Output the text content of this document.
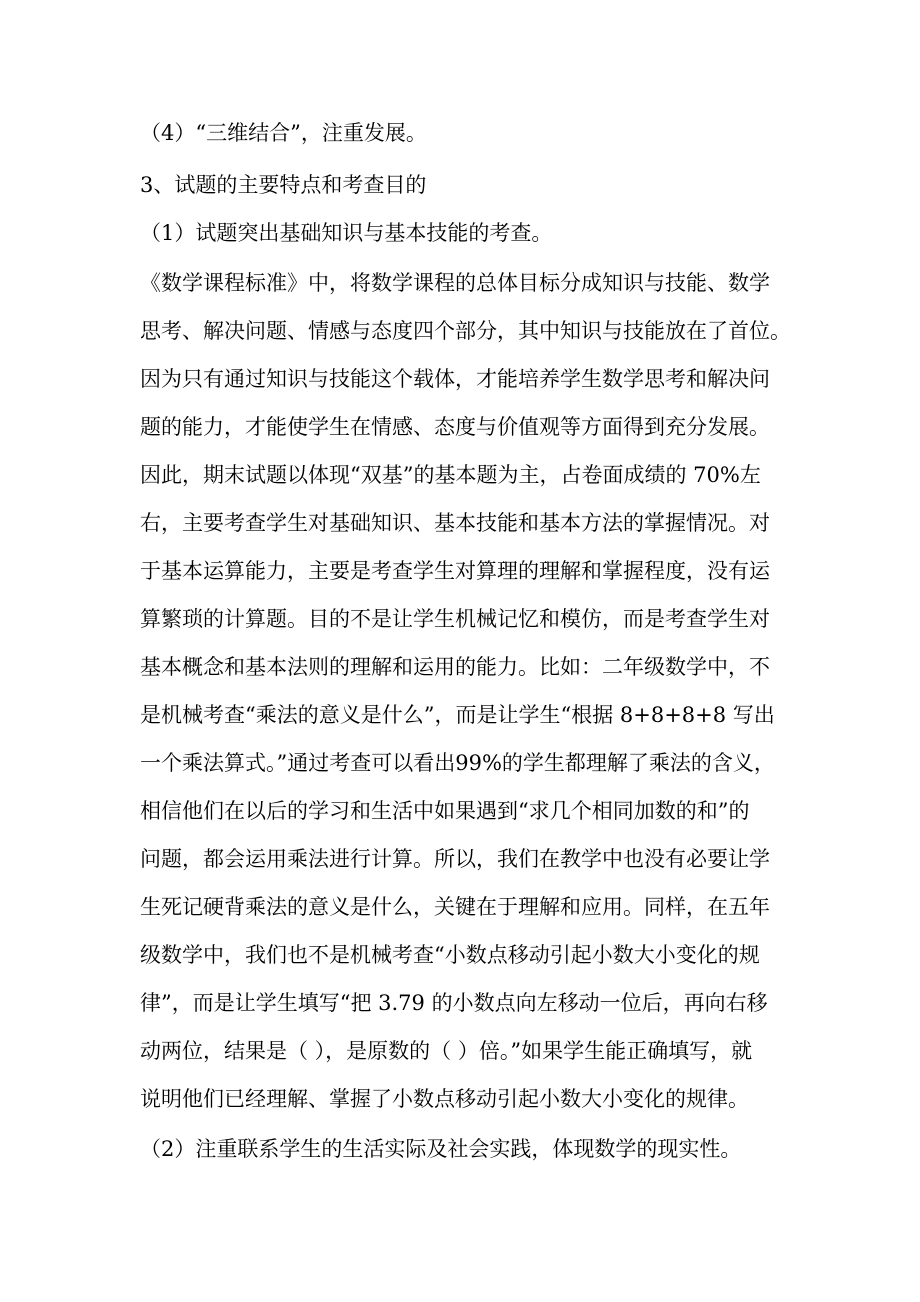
（4）“三维结合”，注重发展。
3、试题的主要特点和考查目的
（1）试题突出基础知识与基本技能的考查。
《数学课程标准》中，将数学课程的总体目标分成知识与技能、数学
思考、解决问题、情感与态度四个部分，其中知识与技能放在了首位。
因为只有通过知识与技能这个载体，才能培养学生数学思考和解决问
题的能力，才能使学生在情感、态度与价值观等方面得到充分发展。
因此，期末试题以体现“双基”的基本题为主，占卷面成绩的 70%左
右，主要考查学生对基础知识、基本技能和基本方法的掌握情况。对
于基本运算能力，主要是考查学生对算理的理解和掌握程度，没有运
算繁琐的计算题。目的不是让学生机械记忆和模仿，而是考查学生对
基本概念和基本法则的理解和运用的能力。比如：二年级数学中，不
是机械考查“乘法的意义是什么”，而是让学生“根据 8+8+8+8 写出
一个乘法算式。”通过考查可以看出99%的学生都理解了乘法的含义，
相信他们在以后的学习和生活中如果遇到“求几个相同加数的和”的
问题，都会运用乘法进行计算。所以，我们在教学中也没有必要让学
生死记硬背乘法的意义是什么，关键在于理解和应用。同样，在五年
级数学中，我们也不是机械考查“小数点移动引起小数大小变化的规
律”，而是让学生填写“把 3.79 的小数点向左移动一位后，再向右移
动两位，结果是（ ），是原数的（ ）倍。”如果学生能正确填写，就
说明他们已经理解、掌握了小数点移动引起小数大小变化的规律。
（2）注重联系学生的生活实际及社会实践，体现数学的现实性。
